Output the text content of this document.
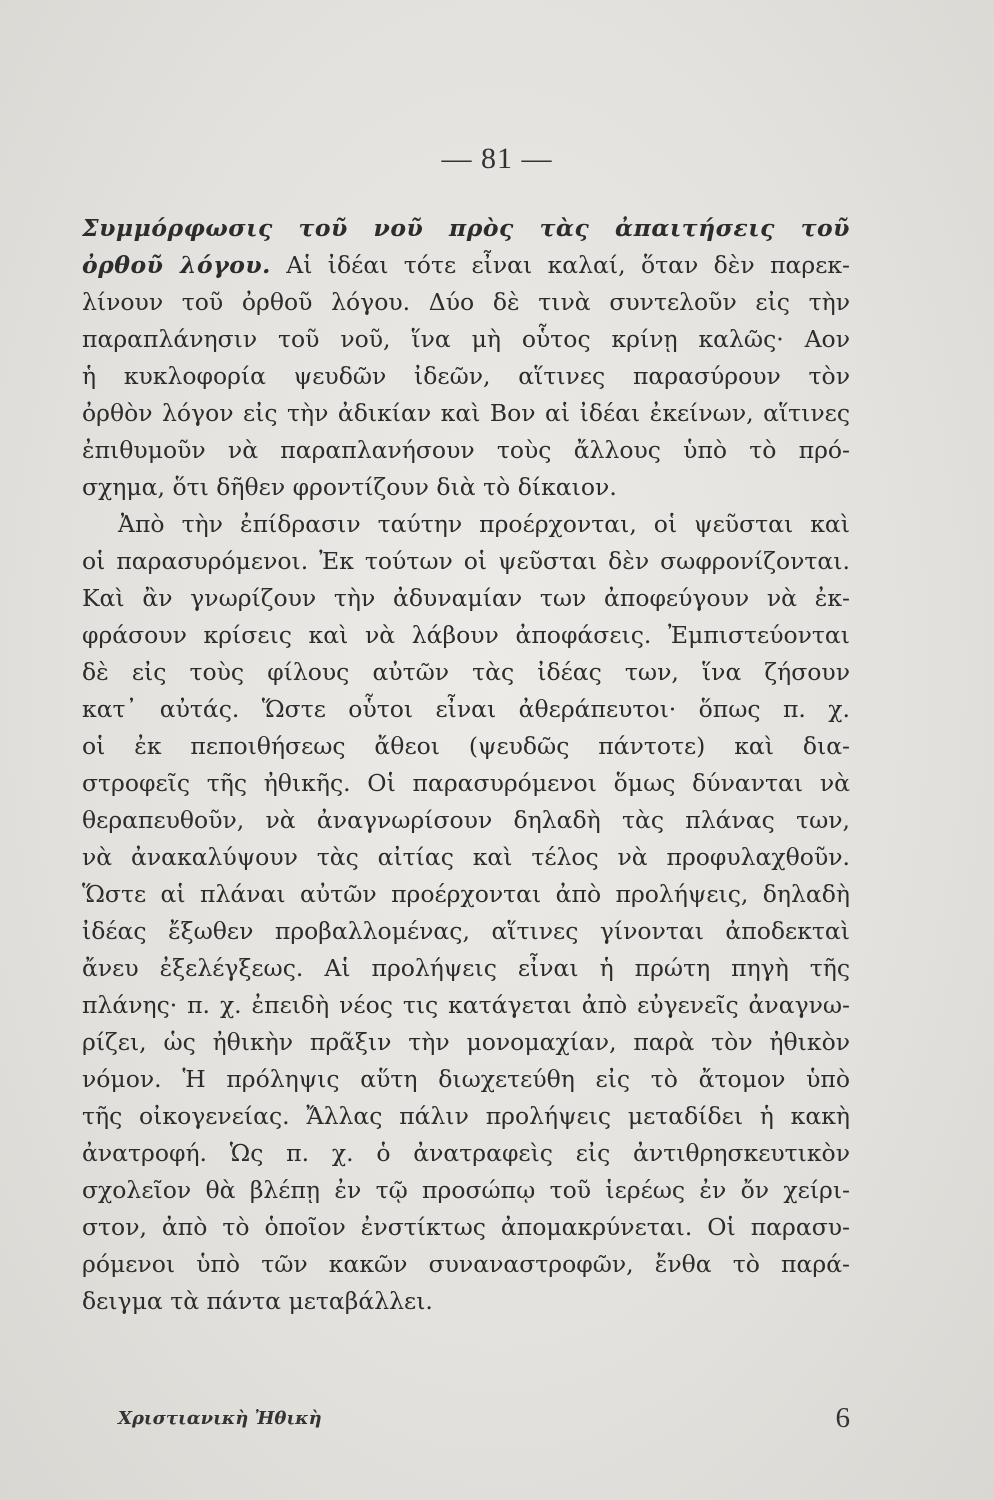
— 81 —
Συμμόρφωσις τοῦ νοῦ πρὸς τὰς ἀπαιτήσεις τοῦ
ὀρθοῦ λόγου. Αἱ ἰδέαι τότε εἶναι καλαί, ὅταν δὲν παρεκ-
λίνουν τοῦ ὀρθοῦ λόγου. Δύο δὲ τινὰ συντελοῦν εἰς τὴν
παραπλάνησιν τοῦ νοῦ, ἵνα μὴ οὗτος κρίνῃ καλῶς· Αον
ἡ κυκλοφορία ψευδῶν ἰδεῶν, αἵτινες παρασύρουν τὸν
ὀρθὸν λόγον εἰς τὴν ἀδικίαν καὶ Βον αἱ ἰδέαι ἐκείνων, αἵτινες
ἐπιθυμοῦν νὰ παραπλανήσουν τοὺς ἄλλους ὑπὸ τὸ πρό-
σχημα, ὅτι δῆθεν φροντίζουν διὰ τὸ δίκαιον.
Ἀπὸ τὴν ἐπίδρασιν ταύτην προέρχονται, οἱ ψεῦσται καὶ
οἱ παρασυρόμενοι. Ἐκ τούτων οἱ ψεῦσται δὲν σωφρονίζονται.
Καὶ ἂν γνωρίζουν τὴν ἀδυναμίαν των ἀποφεύγουν νὰ ἐκ-
φράσουν κρίσεις καὶ νὰ λάβουν ἀποφάσεις. Ἐμπιστεύονται
δὲ εἰς τοὺς φίλους αὐτῶν τὰς ἰδέας των, ἵνα ζήσουν
κατ᾽ αὐτάς. Ὥστε οὗτοι εἶναι ἀθεράπευτοι· ὅπως π. χ.
οἱ ἐκ πεποιθήσεως ἄθεοι (ψευδῶς πάντοτε) καὶ δια-
στροφεῖς τῆς ἠθικῆς. Οἱ παρασυρόμενοι ὅμως δύνανται νὰ
θεραπευθοῦν, νὰ ἀναγνωρίσουν δηλαδὴ τὰς πλάνας των,
νὰ ἀνακαλύψουν τὰς αἰτίας καὶ τέλος νὰ προφυλαχθοῦν.
Ὥστε αἱ πλάναι αὐτῶν προέρχονται ἀπὸ προλήψεις, δηλαδὴ
ἰδέας ἔξωθεν προβαλλομένας, αἵτινες γίνονται ἀποδεκταὶ
ἄνευ ἐξελέγξεως. Αἱ προλήψεις εἶναι ἡ πρώτη πηγὴ τῆς
πλάνης· π. χ. ἐπειδὴ νέος τις κατάγεται ἀπὸ εὐγενεῖς ἀναγνω-
ρίζει, ὡς ἠθικὴν πρᾶξιν τὴν μονομαχίαν, παρὰ τὸν ἠθικὸν
νόμον. Ἡ πρόληψις αὕτη διωχετεύθη εἰς τὸ ἄτομον ὑπὸ
τῆς οἰκογενείας. Ἄλλας πάλιν προλήψεις μεταδίδει ἡ κακὴ
ἀνατροφή. Ὡς π. χ. ὁ ἀνατραφεὶς εἰς ἀντιθρησκευτικὸν
σχολεῖον θὰ βλέπῃ ἐν τῷ προσώπῳ τοῦ ἱερέως ἐν ὄν χείρι-
στον, ἀπὸ τὸ ὁποῖον ἐνστίκτως ἀπομακρύνεται. Οἱ παρασυ-
ρόμενοι ὑπὸ τῶν κακῶν συναναστροφῶν, ἔνθα τὸ παρά-
δειγμα τὰ πάντα μεταβάλλει.
Χριστιανικὴ Ἠθικὴ	6
